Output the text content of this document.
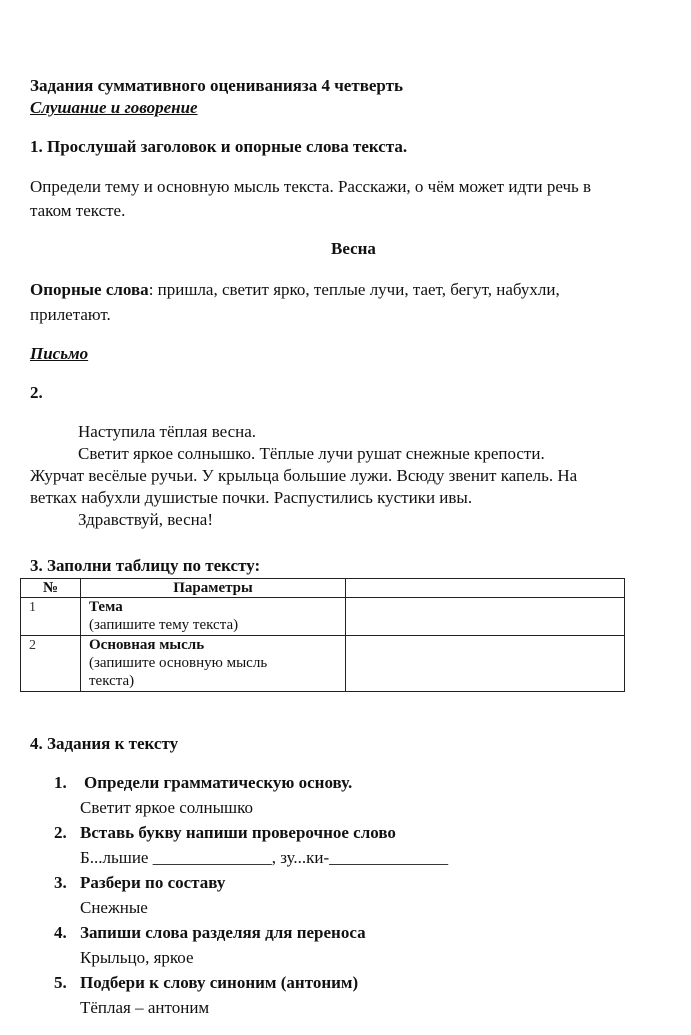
Задания суммативного оцениванияза 4 четверть
Слушание и говорение
1. Прослушай заголовок и опорные слова текста.
Определи тему и основную мысль текста. Расскажи, о чём может идти речь в
таком тексте.
Весна
Опорные слова: пришла, светит ярко, теплые лучи, тает, бегут, набухли,
прилетают.
Письмо
2.
Наступила тёплая весна.
Светит яркое солнышко. Тёплые лучи рушат снежные крепости.
Журчат весёлые ручьи. У крыльца большие лужи. Всюду звенит капель. На
ветках набухли душистые почки. Распустились кустики ивы.
Здравствуй, весна!
3. Заполни таблицу по тексту:
№	Параметры	
1	Тема
(запишите тему текста)	

2	Основная мысль
(запишите основную мысль
текста)	

4. Задания к тексту
1. Определи грамматическую основу.
Светит яркое солнышко
2. Вставь букву напиши проверочное слово
Б...льшие ______________, зу...ки-______________
3. Разбери по составу
Снежные
4. Запиши слова разделяя для переноса
Крыльцо, яркое
5. Подбери к слову синоним (антоним)
Тёплая – антоним
